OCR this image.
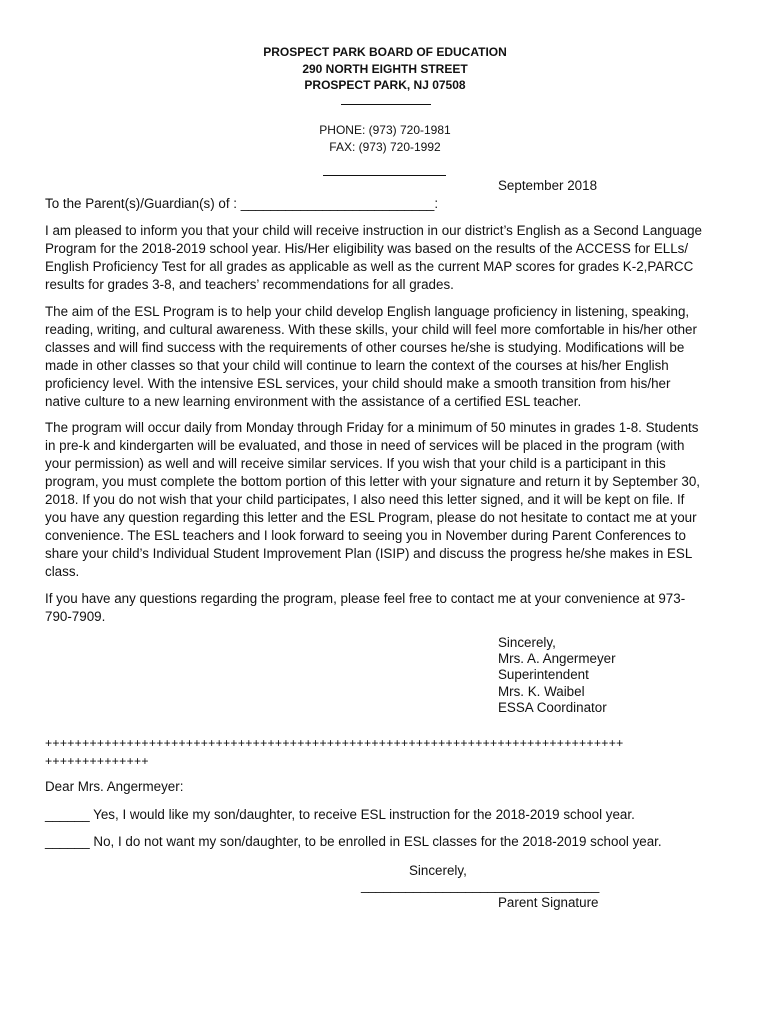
PROSPECT PARK BOARD OF EDUCATION
290 NORTH EIGHTH STREET
PROSPECT PARK, NJ 07508
PHONE: (973) 720-1981
FAX: (973) 720-1992
September 2018
To the Parent(s)/Guardian(s) of : __________________________:
I am pleased to inform you that your child will receive instruction in our district’s English as a Second Language
Program for the 2018-2019 school year. His/Her eligibility was based on the results of the ACCESS for ELLs/
English Proficiency Test for all grades as applicable as well as the current MAP scores for grades K-2,PARCC
results for grades 3-8, and teachers’ recommendations for all grades.
The aim of the ESL Program is to help your child develop English language proficiency in listening, speaking,
reading, writing, and cultural awareness. With these skills, your child will feel more comfortable in his/her other
classes and will find success with the requirements of other courses he/she is studying. Modifications will be
made in other classes so that your child will continue to learn the context of the courses at his/her English
proficiency level. With the intensive ESL services, your child should make a smooth transition from his/her
native culture to a new learning environment with the assistance of a certified ESL teacher.
The program will occur daily from Monday through Friday for a minimum of 50 minutes in grades 1-8. Students
in pre-k and kindergarten will be evaluated, and those in need of services will be placed in the program (with
your permission) as well and will receive similar services. If you wish that your child is a participant in this
program, you must complete the bottom portion of this letter with your signature and return it by September 30,
2018. If you do not wish that your child participates, I also need this letter signed, and it will be kept on file. If
you have any question regarding this letter and the ESL Program, please do not hesitate to contact me at your
convenience. The ESL teachers and I look forward to seeing you in November during Parent Conferences to
share your child’s Individual Student Improvement Plan (ISIP) and discuss the progress he/she makes in ESL
class.
If you have any questions regarding the program, please feel free to contact me at your convenience at 973-
790-7909.
Sincerely,
Mrs. A. Angermeyer
Superintendent
Mrs. K. Waibel
ESSA Coordinator
++++++++++++++++++++++++++++++++++++++++++++++++++++++++++++++++++++++++++++++
++++++++++++++
Dear Mrs. Angermeyer:
______ Yes, I would like my son/daughter, to receive ESL instruction for the 2018-2019 school year.
______ No, I do not want my son/daughter, to be enrolled in ESL classes for the 2018-2019 school year.
Sincerely,
________________________________
Parent Signature
